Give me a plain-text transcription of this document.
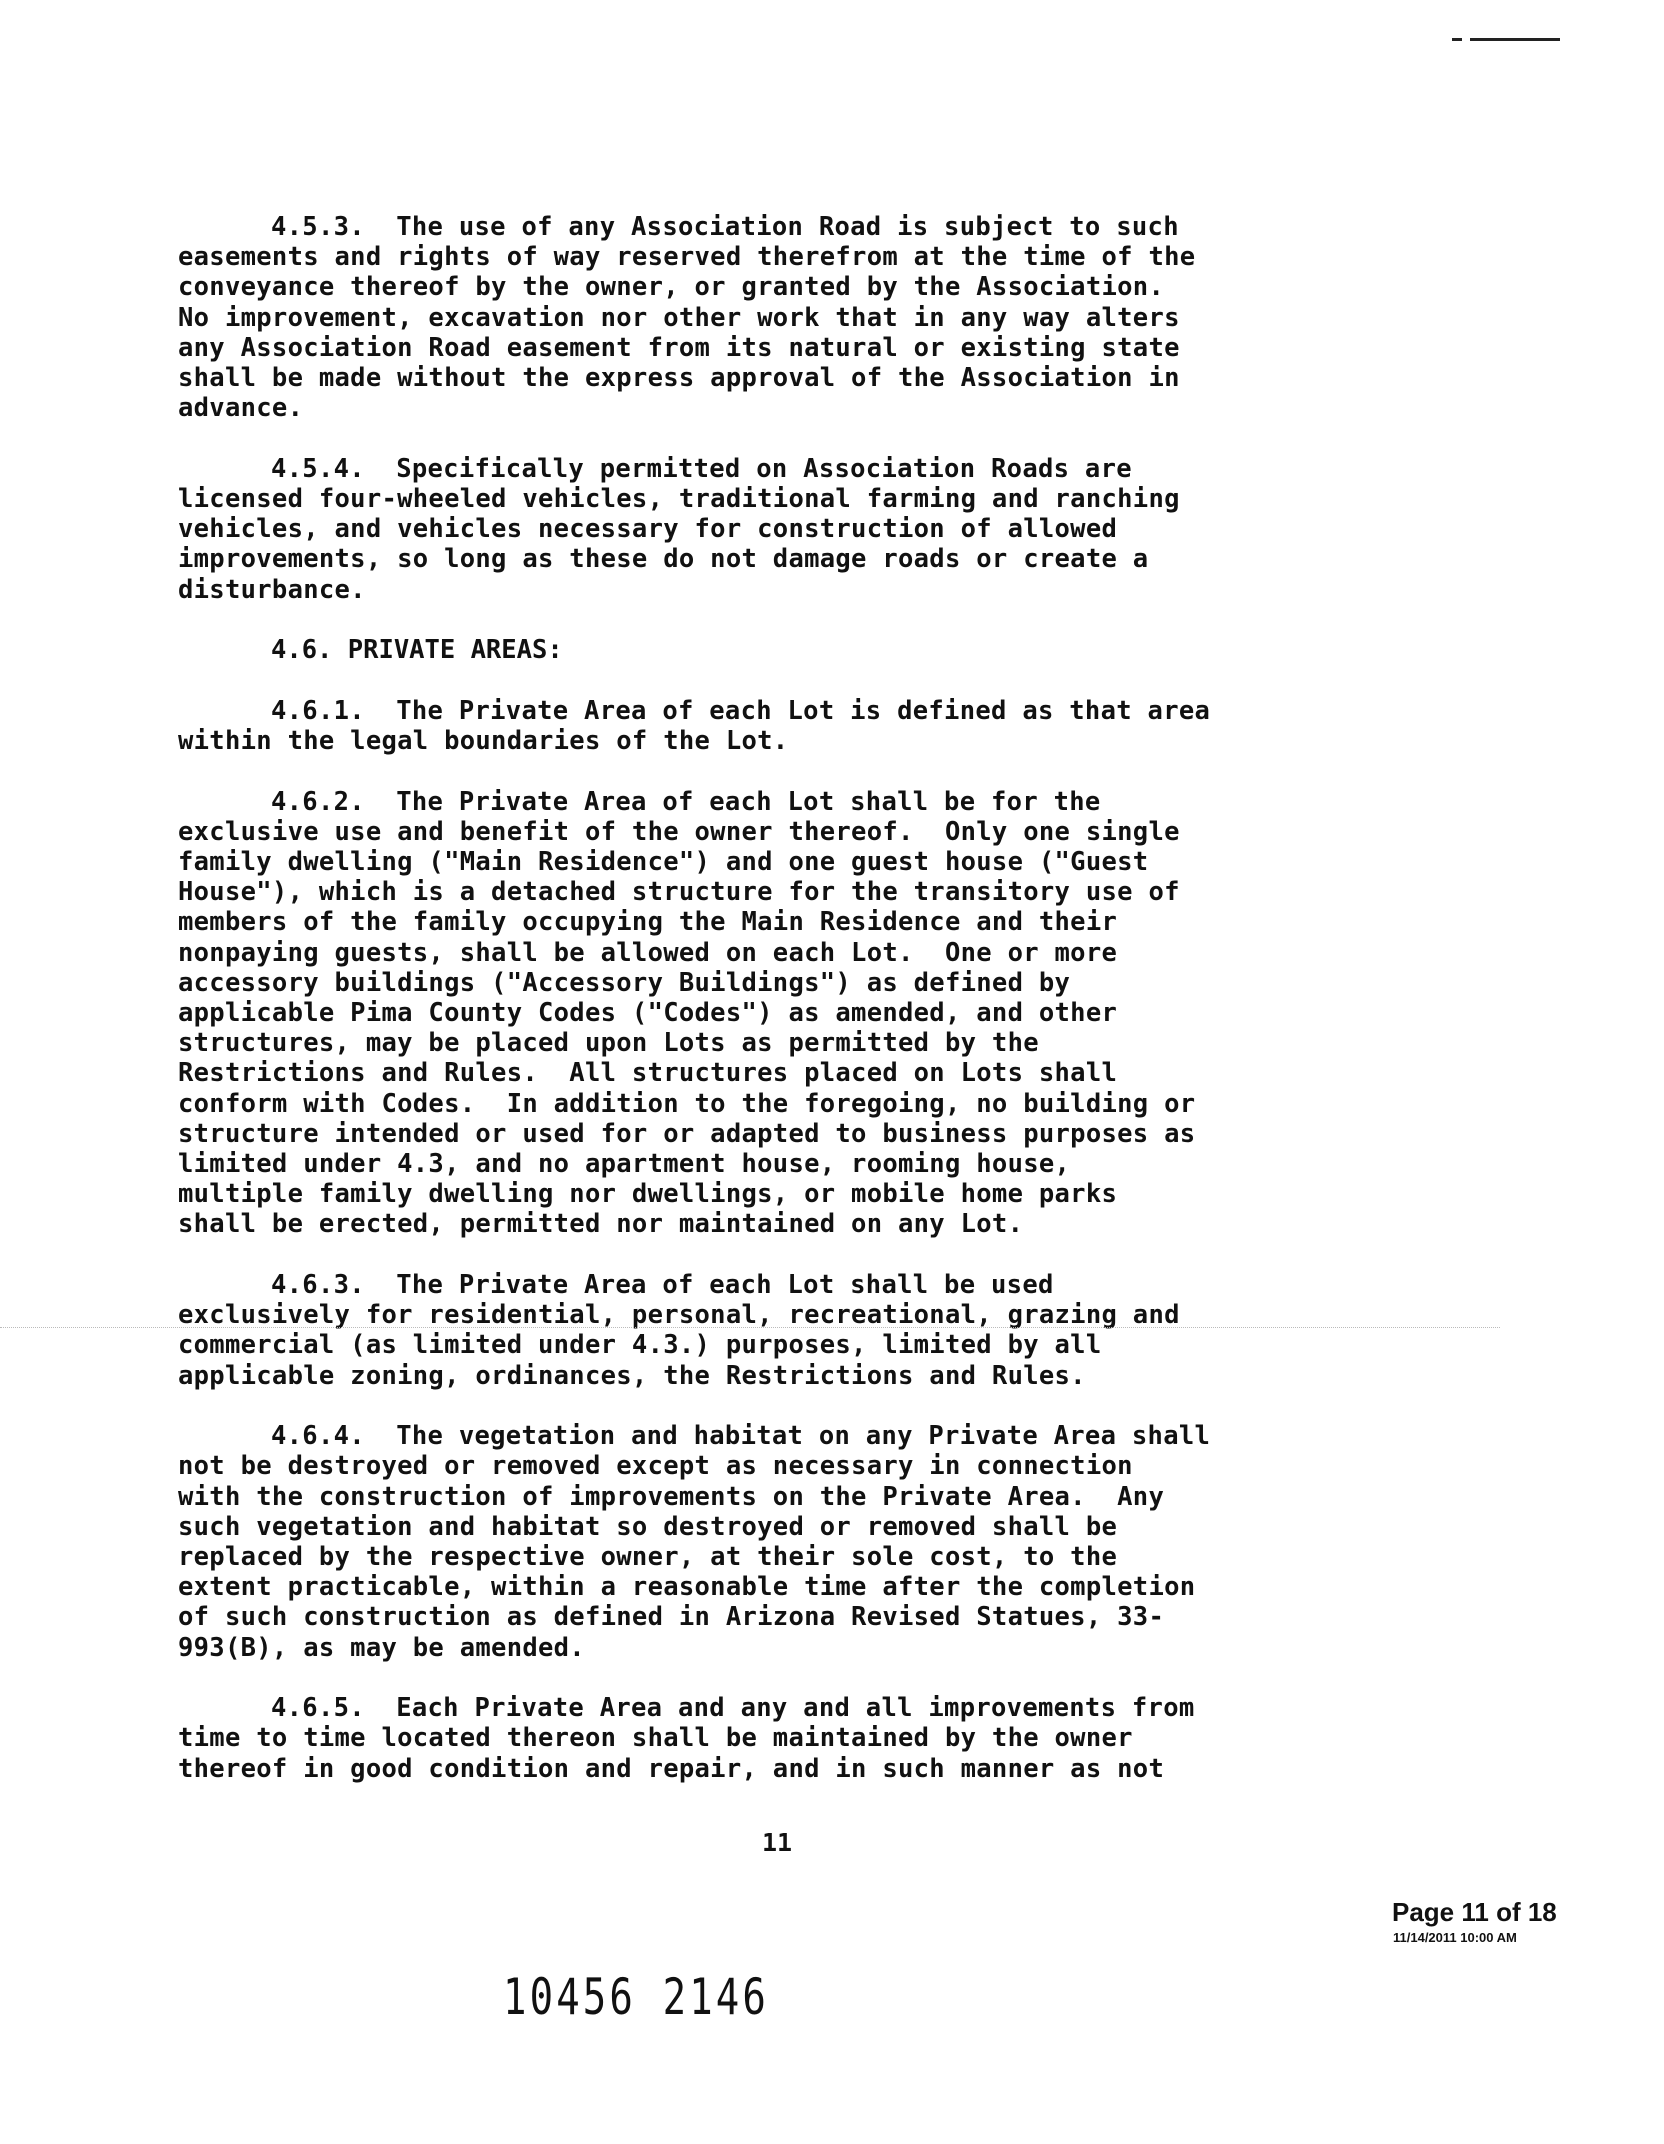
4.5.3.  The use of any Association Road is subject to such
easements and rights of way reserved therefrom at the time of the
conveyance thereof by the owner, or granted by the Association.
No improvement, excavation nor other work that in any way alters
any Association Road easement from its natural or existing state
shall be made without the express approval of the Association in
advance.

4.5.4.  Specifically permitted on Association Roads are
licensed four-wheeled vehicles, traditional farming and ranching
vehicles, and vehicles necessary for construction of allowed
improvements, so long as these do not damage roads or create a
disturbance.

4.6. PRIVATE AREAS:

4.6.1.  The Private Area of each Lot is defined as that area
within the legal boundaries of the Lot.

4.6.2.  The Private Area of each Lot shall be for the
exclusive use and benefit of the owner thereof.  Only one single
family dwelling ("Main Residence") and one guest house ("Guest
House"), which is a detached structure for the transitory use of
members of the family occupying the Main Residence and their
nonpaying guests, shall be allowed on each Lot.  One or more
accessory buildings ("Accessory Buildings") as defined by
applicable Pima County Codes ("Codes") as amended, and other
structures, may be placed upon Lots as permitted by the
Restrictions and Rules.  All structures placed on Lots shall
conform with Codes.  In addition to the foregoing, no building or
structure intended or used for or adapted to business purposes as
limited under 4.3, and no apartment house, rooming house,
multiple family dwelling nor dwellings, or mobile home parks
shall be erected, permitted nor maintained on any Lot.

4.6.3.  The Private Area of each Lot shall be used
exclusively for residential, personal, recreational, grazing and
commercial (as limited under 4.3.) purposes, limited by all
applicable zoning, ordinances, the Restrictions and Rules.

4.6.4.  The vegetation and habitat on any Private Area shall
not be destroyed or removed except as necessary in connection
with the construction of improvements on the Private Area.  Any
such vegetation and habitat so destroyed or removed shall be
replaced by the respective owner, at their sole cost, to the
extent practicable, within a reasonable time after the completion
of such construction as defined in Arizona Revised Statues, 33-
993(B), as may be amended.

4.6.5.  Each Private Area and any and all improvements from
time to time located thereon shall be maintained by the owner
thereof in good condition and repair, and in such manner as not

11
Page 11 of 18
11/14/2011 10:00 AM
10456 2146
